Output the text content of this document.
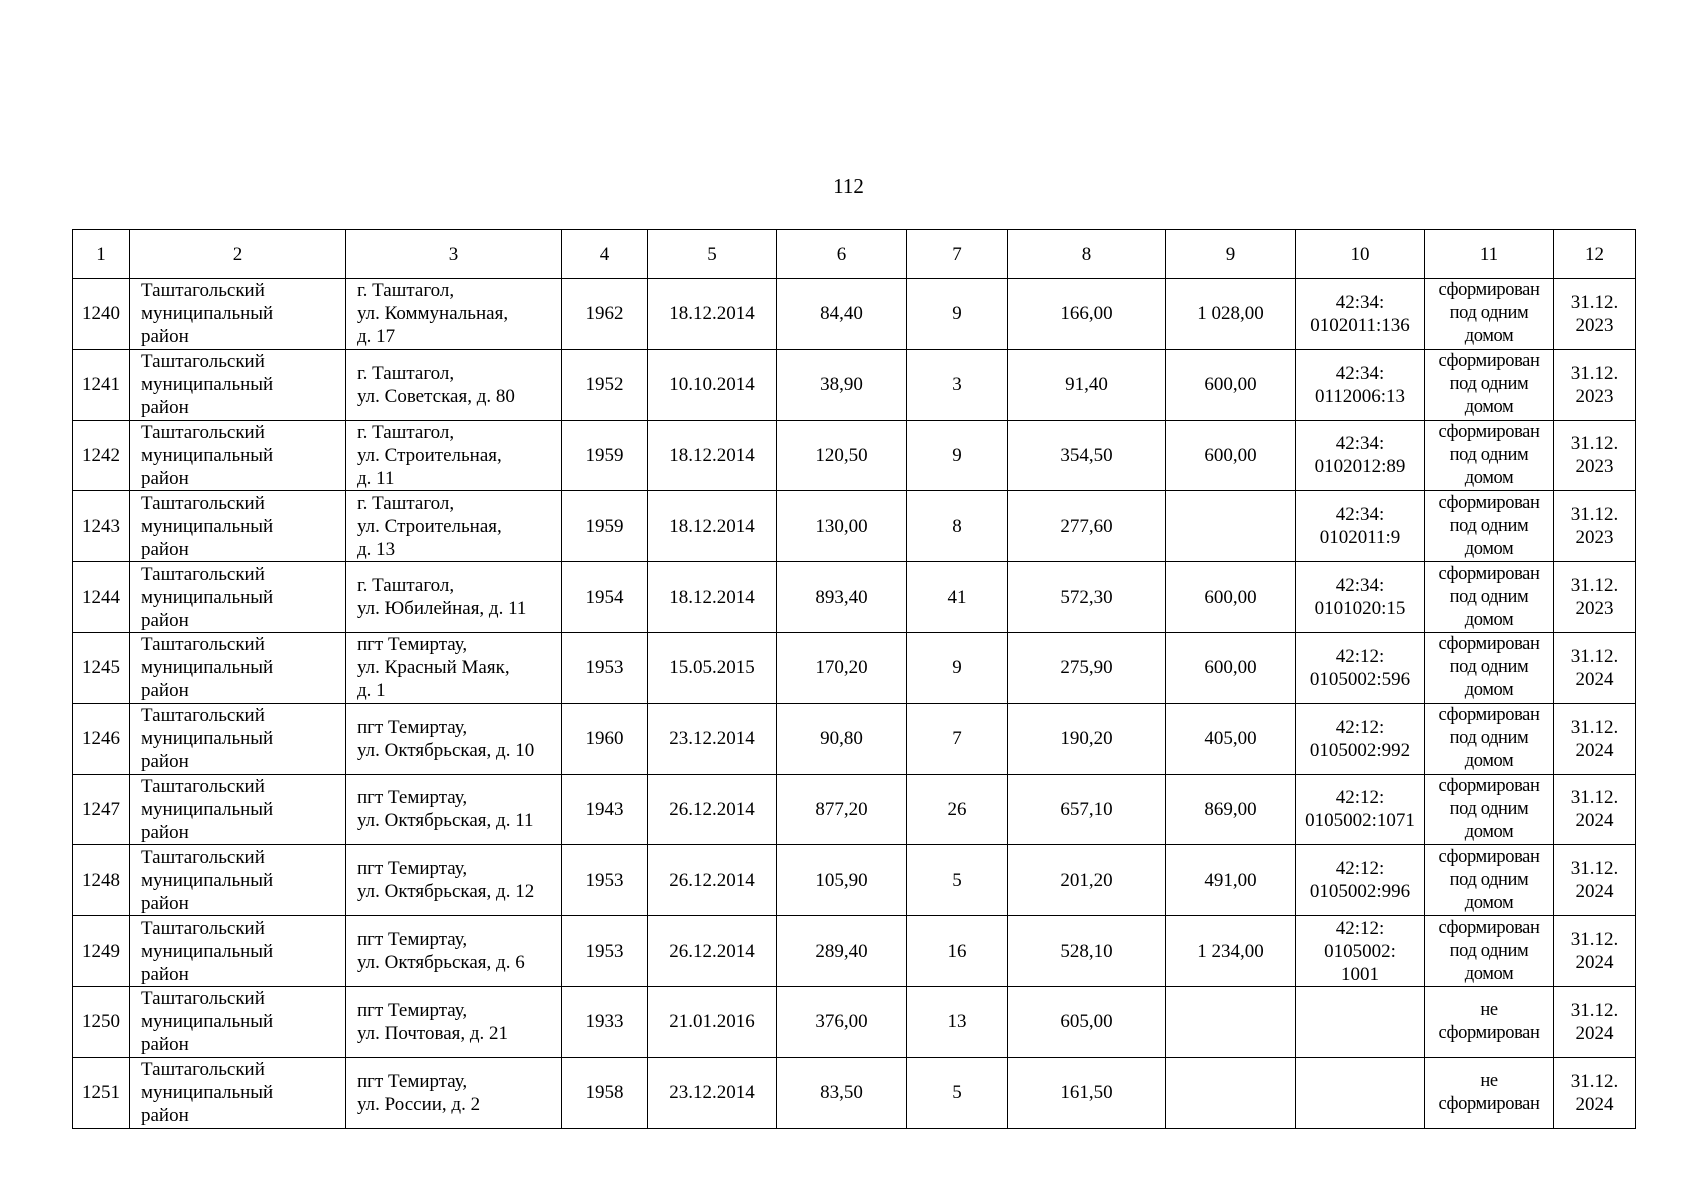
112
1	2	3	4	5	6	7	8	9	10	11	12
1240	Таштагольский
муниципальный
район	г. Таштагол,
ул. Коммунальная,
д. 17	1962	18.12.2014	84,40	9	166,00	1 028,00	42:34:
0102011:136	сформирован
под одним
домом	31.12.
2023

1241	Таштагольский
муниципальный
район	г. Таштагол,
ул. Советская, д. 80	1952	10.10.2014	38,90	3	91,40	600,00	42:34:
0112006:13	сформирован
под одним
домом	31.12.
2023

1242	Таштагольский
муниципальный
район	г. Таштагол,
ул. Строительная,
д. 11	1959	18.12.2014	120,50	9	354,50	600,00	42:34:
0102012:89	сформирован
под одним
домом	31.12.
2023

1243	Таштагольский
муниципальный
район	г. Таштагол,
ул. Строительная,
д. 13	1959	18.12.2014	130,00	8	277,60		42:34:
0102011:9	сформирован
под одним
домом	31.12.
2023

1244	Таштагольский
муниципальный
район	г. Таштагол,
ул. Юбилейная, д. 11	1954	18.12.2014	893,40	41	572,30	600,00	42:34:
0101020:15	сформирован
под одним
домом	31.12.
2023

1245	Таштагольский
муниципальный
район	пгт Темиртау,
ул. Красный Маяк,
д. 1	1953	15.05.2015	170,20	9	275,90	600,00	42:12:
0105002:596	сформирован
под одним
домом	31.12.
2024

1246	Таштагольский
муниципальный
район	пгт Темиртау,
ул. Октябрьская, д. 10	1960	23.12.2014	90,80	7	190,20	405,00	42:12:
0105002:992	сформирован
под одним
домом	31.12.
2024

1247	Таштагольский
муниципальный
район	пгт Темиртау,
ул. Октябрьская, д. 11	1943	26.12.2014	877,20	26	657,10	869,00	42:12:
0105002:1071	сформирован
под одним
домом	31.12.
2024

1248	Таштагольский
муниципальный
район	пгт Темиртау,
ул. Октябрьская, д. 12	1953	26.12.2014	105,90	5	201,20	491,00	42:12:
0105002:996	сформирован
под одним
домом	31.12.
2024

1249	Таштагольский
муниципальный
район	пгт Темиртау,
ул. Октябрьская, д. 6	1953	26.12.2014	289,40	16	528,10	1 234,00	42:12:
0105002:
1001	сформирован
под одним
домом	31.12.
2024

1250	Таштагольский
муниципальный
район	пгт Темиртау,
ул. Почтовая, д. 21	1933	21.01.2016	376,00	13	605,00			не
сформирован	31.12.
2024

1251	Таштагольский
муниципальный
район	пгт Темиртау,
ул. России, д. 2	1958	23.12.2014	83,50	5	161,50			не
сформирован	31.12.
2024
